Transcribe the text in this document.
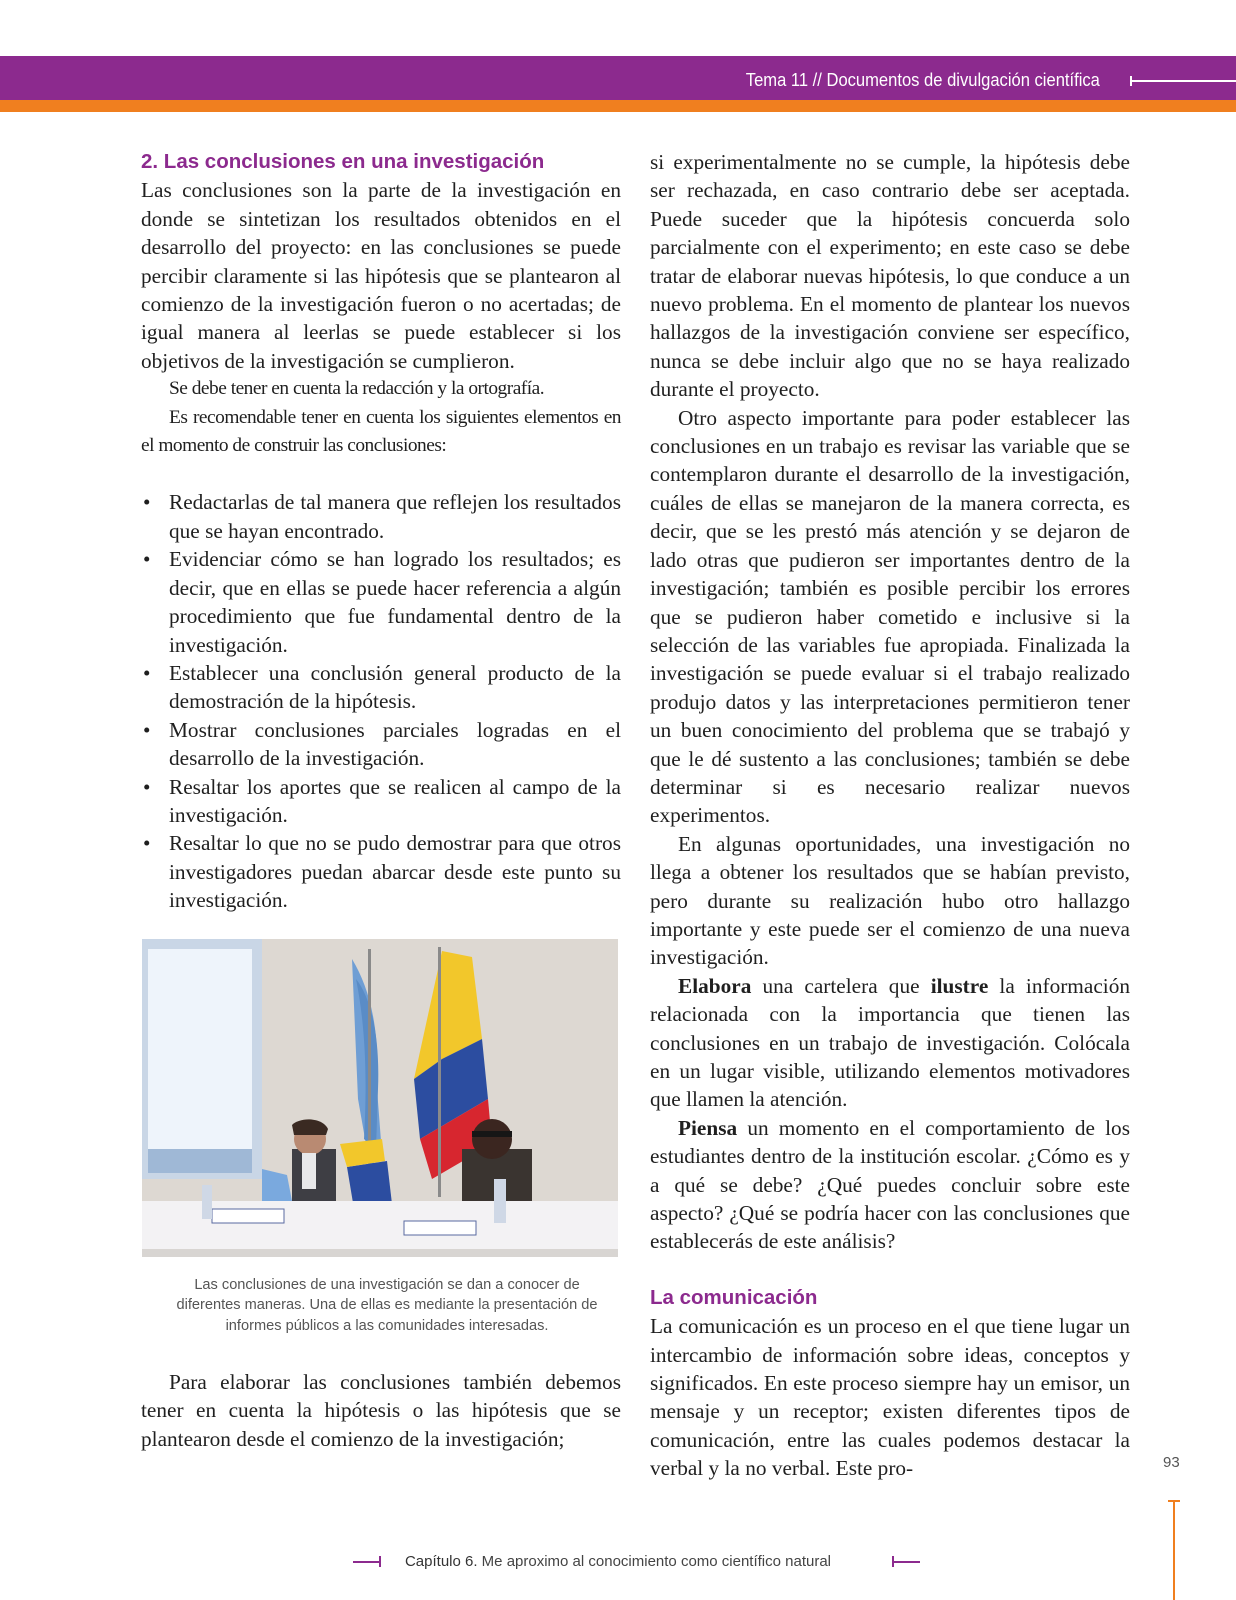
Tema 11 // Documentos de divulgación científica
2. Las conclusiones en una investigación

Las conclusiones son la parte de la investigación en donde se sintetizan los resultados obtenidos en el desarrollo del proyecto: en las conclusiones se puede percibir claramente si las hipótesis que se plantearon al comienzo de la investigación fueron o no acertadas; de igual manera al leerlas se puede establecer si los objetivos de la investigación se cumplieron.

Se debe tener en cuenta la redacción y la ortografía.

Es recomendable tener en cuenta los siguientes elementos en el momento de construir las conclusiones:

• Redactarlas de tal manera que reflejen los resultados que se hayan encontrado.
• Evidenciar cómo se han logrado los resultados; es decir, que en ellas se puede hacer referencia a algún procedimiento que fue fundamental dentro de la investigación.
• Establecer una conclusión general producto de la demostración de la hipótesis.
• Mostrar conclusiones parciales logradas en el desarrollo de la investigación.
• Resaltar los aportes que se realicen al campo de la investigación.
• Resaltar lo que no se pudo demostrar para que otros investigadores puedan abarcar desde este punto su investigación.
Las conclusiones de una investigación se dan a conocer de diferentes maneras. Una de ellas es mediante la presentación de informes públicos a las comunidades interesadas.

Para elaborar las conclusiones también debemos tener en cuenta la hipótesis o las hipótesis que se plantearon desde el comienzo de la investigación;

si experimentalmente no se cumple, la hipótesis debe ser rechazada, en caso contrario debe ser aceptada. Puede suceder que la hipótesis concuerda solo parcialmente con el experimento; en este caso se debe tratar de elaborar nuevas hipótesis, lo que conduce a un nuevo problema. En el momento de plantear los nuevos hallazgos de la investigación conviene ser específico, nunca se debe incluir algo que no se haya realizado durante el proyecto.

Otro aspecto importante para poder establecer las conclusiones en un trabajo es revisar las variable que se contemplaron durante el desarrollo de la investigación, cuáles de ellas se manejaron de la manera correcta, es decir, que se les prestó más atención y se dejaron de lado otras que pudieron ser importantes dentro de la investigación; también es posible percibir los errores que se pudieron haber cometido e inclusive si la selección de las variables fue apropiada. Finalizada la investigación se puede evaluar si el trabajo realizado produjo datos y las interpretaciones permitieron tener un buen conocimiento del problema que se trabajó y que le dé sustento a las conclusiones; también se debe determinar si es necesario realizar nuevos experimentos.

En algunas oportunidades, una investigación no llega a obtener los resultados que se habían previsto, pero durante su realización hubo otro hallazgo importante y este puede ser el comienzo de una nueva investigación.

Elabora una cartelera que ilustre la información relacionada con la importancia que tienen las conclusiones en un trabajo de investigación. Colócala en un lugar visible, utilizando elementos motivadores que llamen la atención.

Piensa un momento en el comportamiento de los estudiantes dentro de la institución escolar. ¿Cómo es y a qué se debe? ¿Qué puedes concluir sobre este aspecto? ¿Qué se podría hacer con las conclusiones que establecerás de este análisis?

La comunicación

La comunicación es un proceso en el que tiene lugar un intercambio de información sobre ideas, conceptos y significados. En este proceso siempre hay un emisor, un mensaje y un receptor; existen diferentes tipos de comunicación, entre las cuales podemos destacar la verbal y la no verbal. Este pro-	93
Capítulo 6. Me aproximo al conocimiento como científico natural
